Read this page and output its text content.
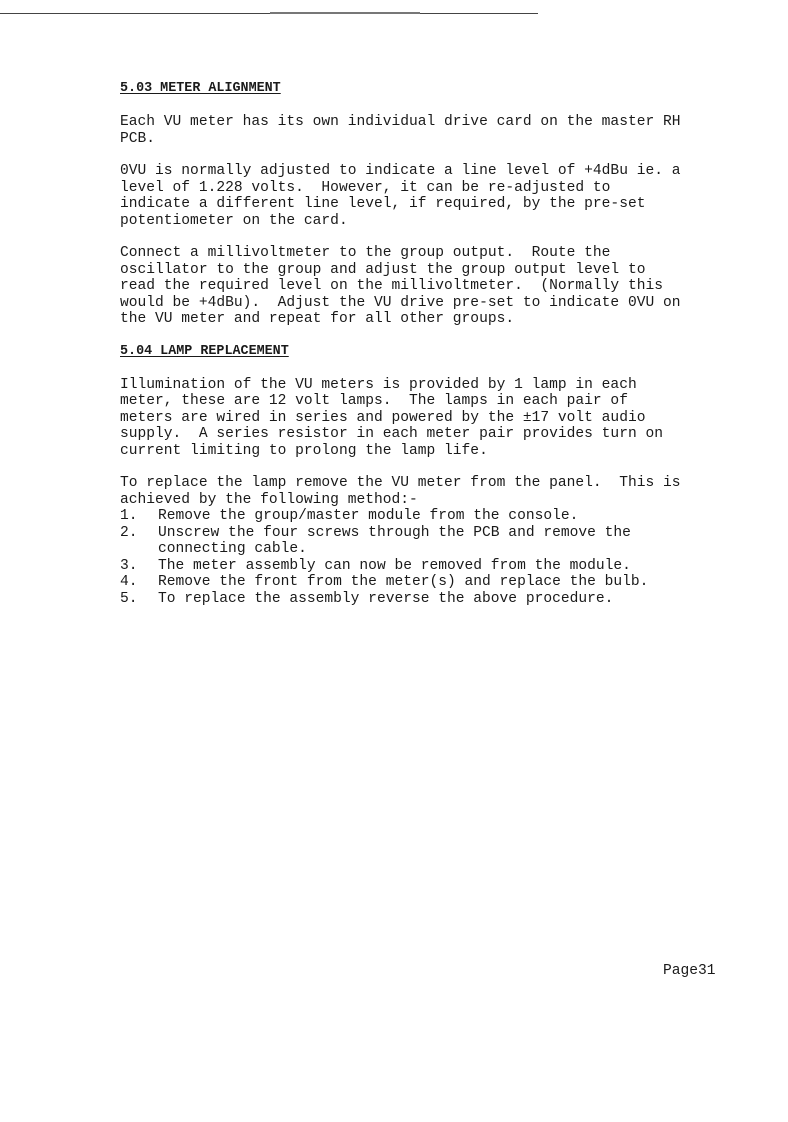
5.03 METER ALIGNMENT

Each VU meter has its own individual drive card on the master RH
PCB.

0VU is normally adjusted to indicate a line level of +4dBu ie. a
level of 1.228 volts.  However, it can be re-adjusted to
indicate a different line level, if required, by the pre-set
potentiometer on the card.

Connect a millivoltmeter to the group output.  Route the
oscillator to the group and adjust the group output level to
read the required level on the millivoltmeter.  (Normally this
would be +4dBu).  Adjust the VU drive pre-set to indicate 0VU on
the VU meter and repeat for all other groups.

5.04 LAMP REPLACEMENT

Illumination of the VU meters is provided by 1 lamp in each
meter, these are 12 volt lamps.  The lamps in each pair of
meters are wired in series and powered by the ±17 volt audio
supply.  A series resistor in each meter pair provides turn on
current limiting to prolong the lamp life.

To replace the lamp remove the VU meter from the panel.  This is
achieved by the following method:-

1.	Remove the group/master module from the console.
2.	Unscrew the four screws through the PCB and remove the
connecting cable.
3.	The meter assembly can now be removed from the module.
4.	Remove the front from the meter(s) and replace the bulb.
5.	To replace the assembly reverse the above procedure.
Page31
